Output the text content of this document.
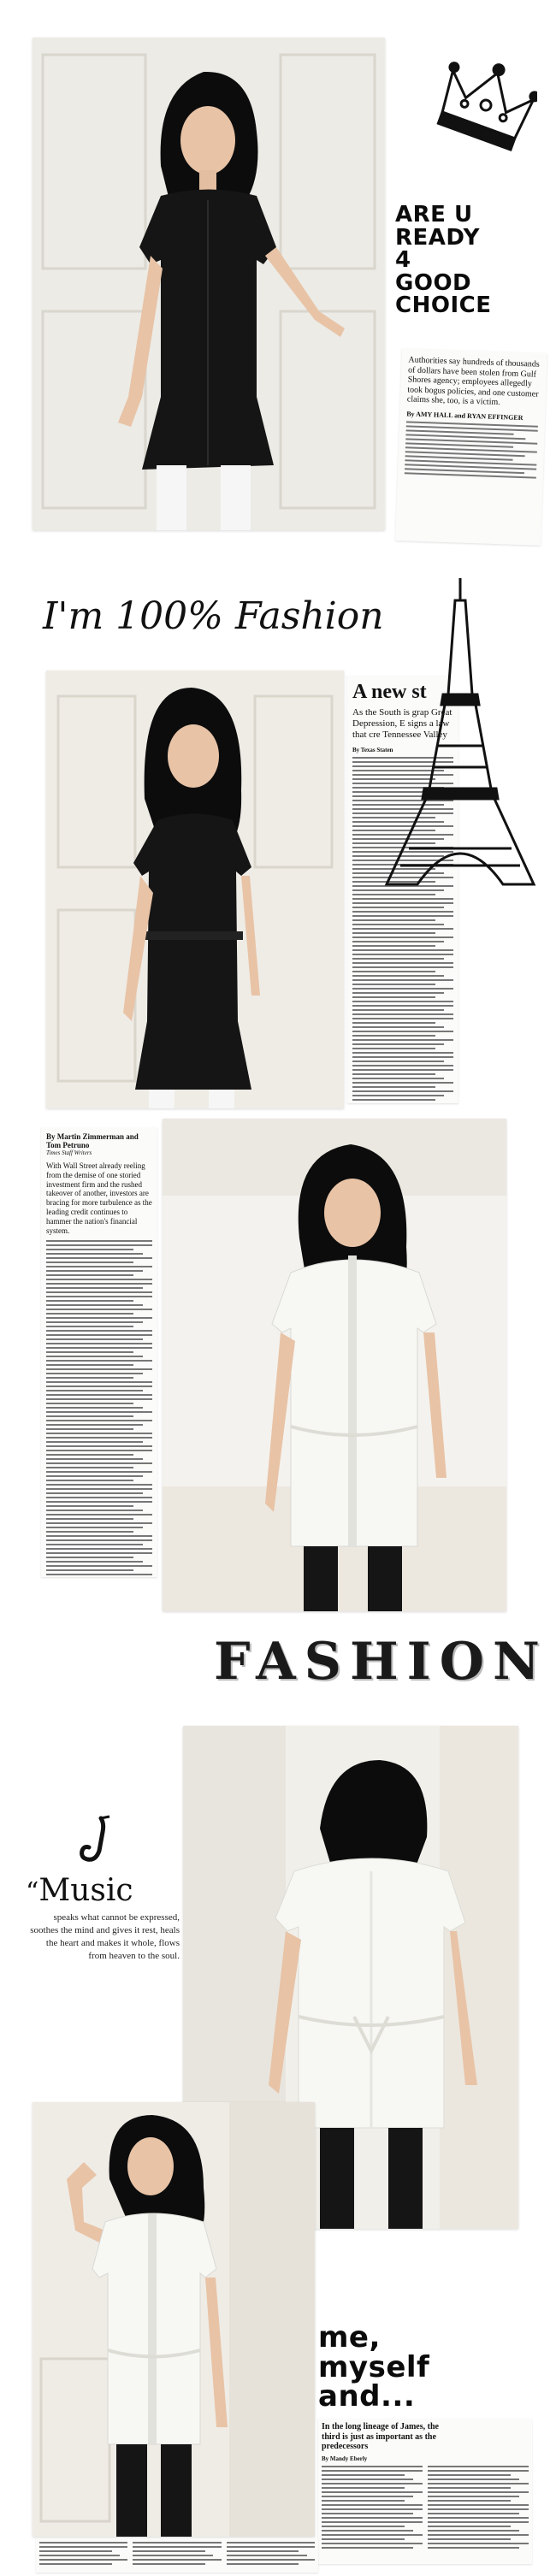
ARE U READY 4 GOOD CHOICE
Authorities say hundreds of thousands of dollars have been stolen from Gulf Shores agency; employees allegedly took bogus policies, and one customer claims she, too, is a victim.
By AMY HALL and RYAN EFFINGER
I'm 100% Fashion
A new st
As the South is grap Great Depression, E signs a law that cre Tennessee Valley
By Texas Staten
By Martin Zimmerman and Tom Petruno
Times Staff Writers
With Wall Street already reeling from the demise of one storied investment firm and the rushed takeover of another, investors are bracing for more turbulence as the leading credit continues to hammer the nation's financial system.
FASHION
“Music
speaks what cannot be expressed, soothes the mind and gives it rest, heals the heart and makes it whole, flows from heaven to the soul.
me, myself and...
In the long lineage of James, the third is just as important as the predecessors
By Mandy Eberly
